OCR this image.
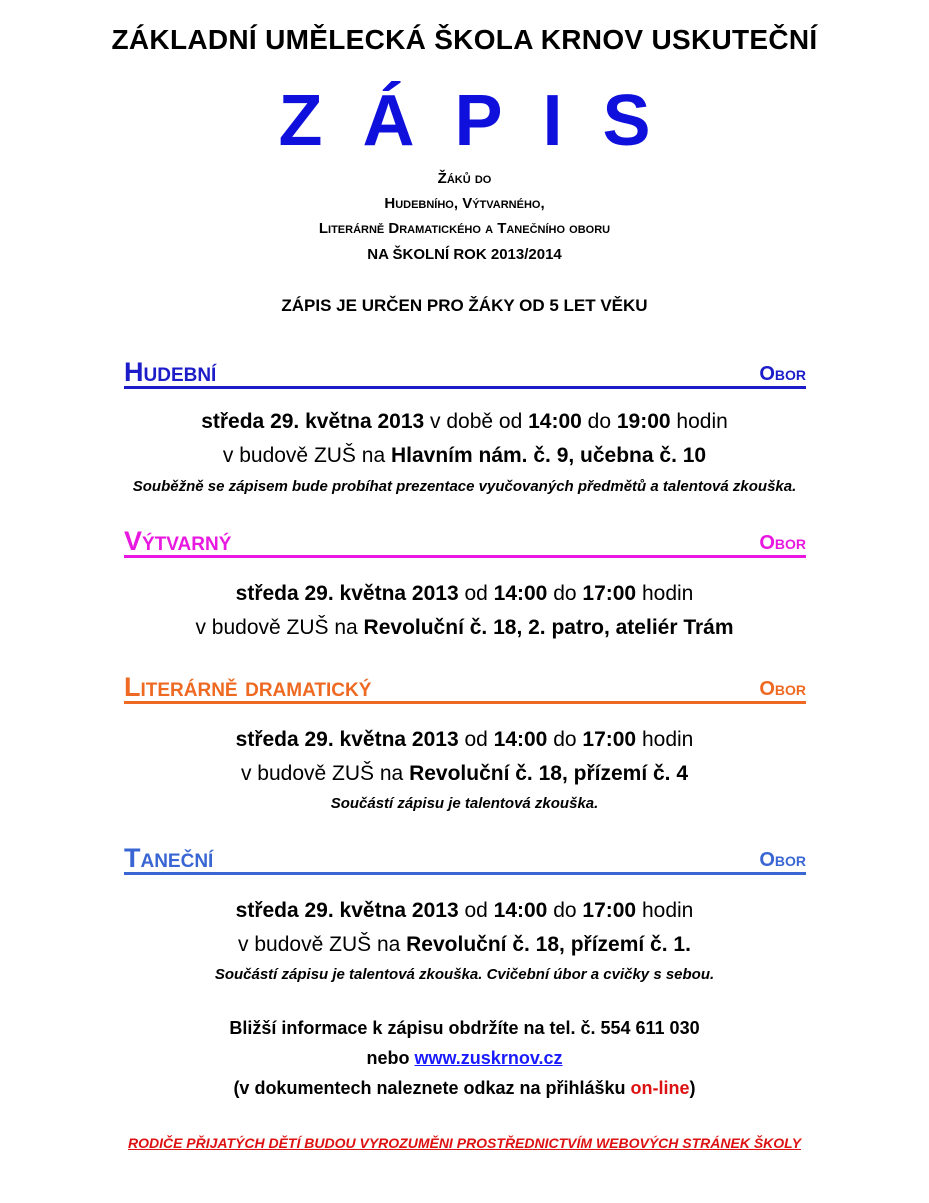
ZÁKLADNÍ UMĚLECKÁ ŠKOLA KRNOV USKUTEČNÍ
ZÁPIS
Žáků do
Hudebního, Výtvarného,
Literárně Dramatického a Tanečního oboru
NA ŠKOLNÍ ROK 2013/2014
ZÁPIS JE URČEN PRO ŽÁKY OD 5 LET VĚKU
Hudební	Obor
středa 29. května 2013 v době od 14:00 do 19:00 hodin
v budově ZUŠ na Hlavním nám. č. 9, učebna č. 10
Souběžně se zápisem bude probíhat prezentace vyučovaných předmětů a talentová zkouška.
Výtvarný	Obor
středa 29. května 2013 od 14:00 do 17:00 hodin
v budově ZUŠ na Revoluční č. 18, 2. patro, ateliér Trám
Literárně dramatický	Obor
středa 29. května 2013 od 14:00 do 17:00 hodin
v budově ZUŠ na Revoluční č. 18, přízemí č. 4
Součástí zápisu je talentová zkouška.
Taneční	Obor
středa 29. května 2013 od 14:00 do 17:00 hodin
v budově ZUŠ na Revoluční č. 18, přízemí č. 1.
Součástí zápisu je talentová zkouška. Cvičební úbor a cvičky s sebou.
Bližší informace k zápisu obdržíte na tel. č. 554 611 030
nebo www.zuskrnov.cz
(v dokumentech naleznete odkaz na přihlášku on-line)
RODIČE PŘIJATÝCH DĚTÍ BUDOU VYROZUMĚNI PROSTŘEDNICTVÍM WEBOVÝCH STRÁNEK ŠKOLY
